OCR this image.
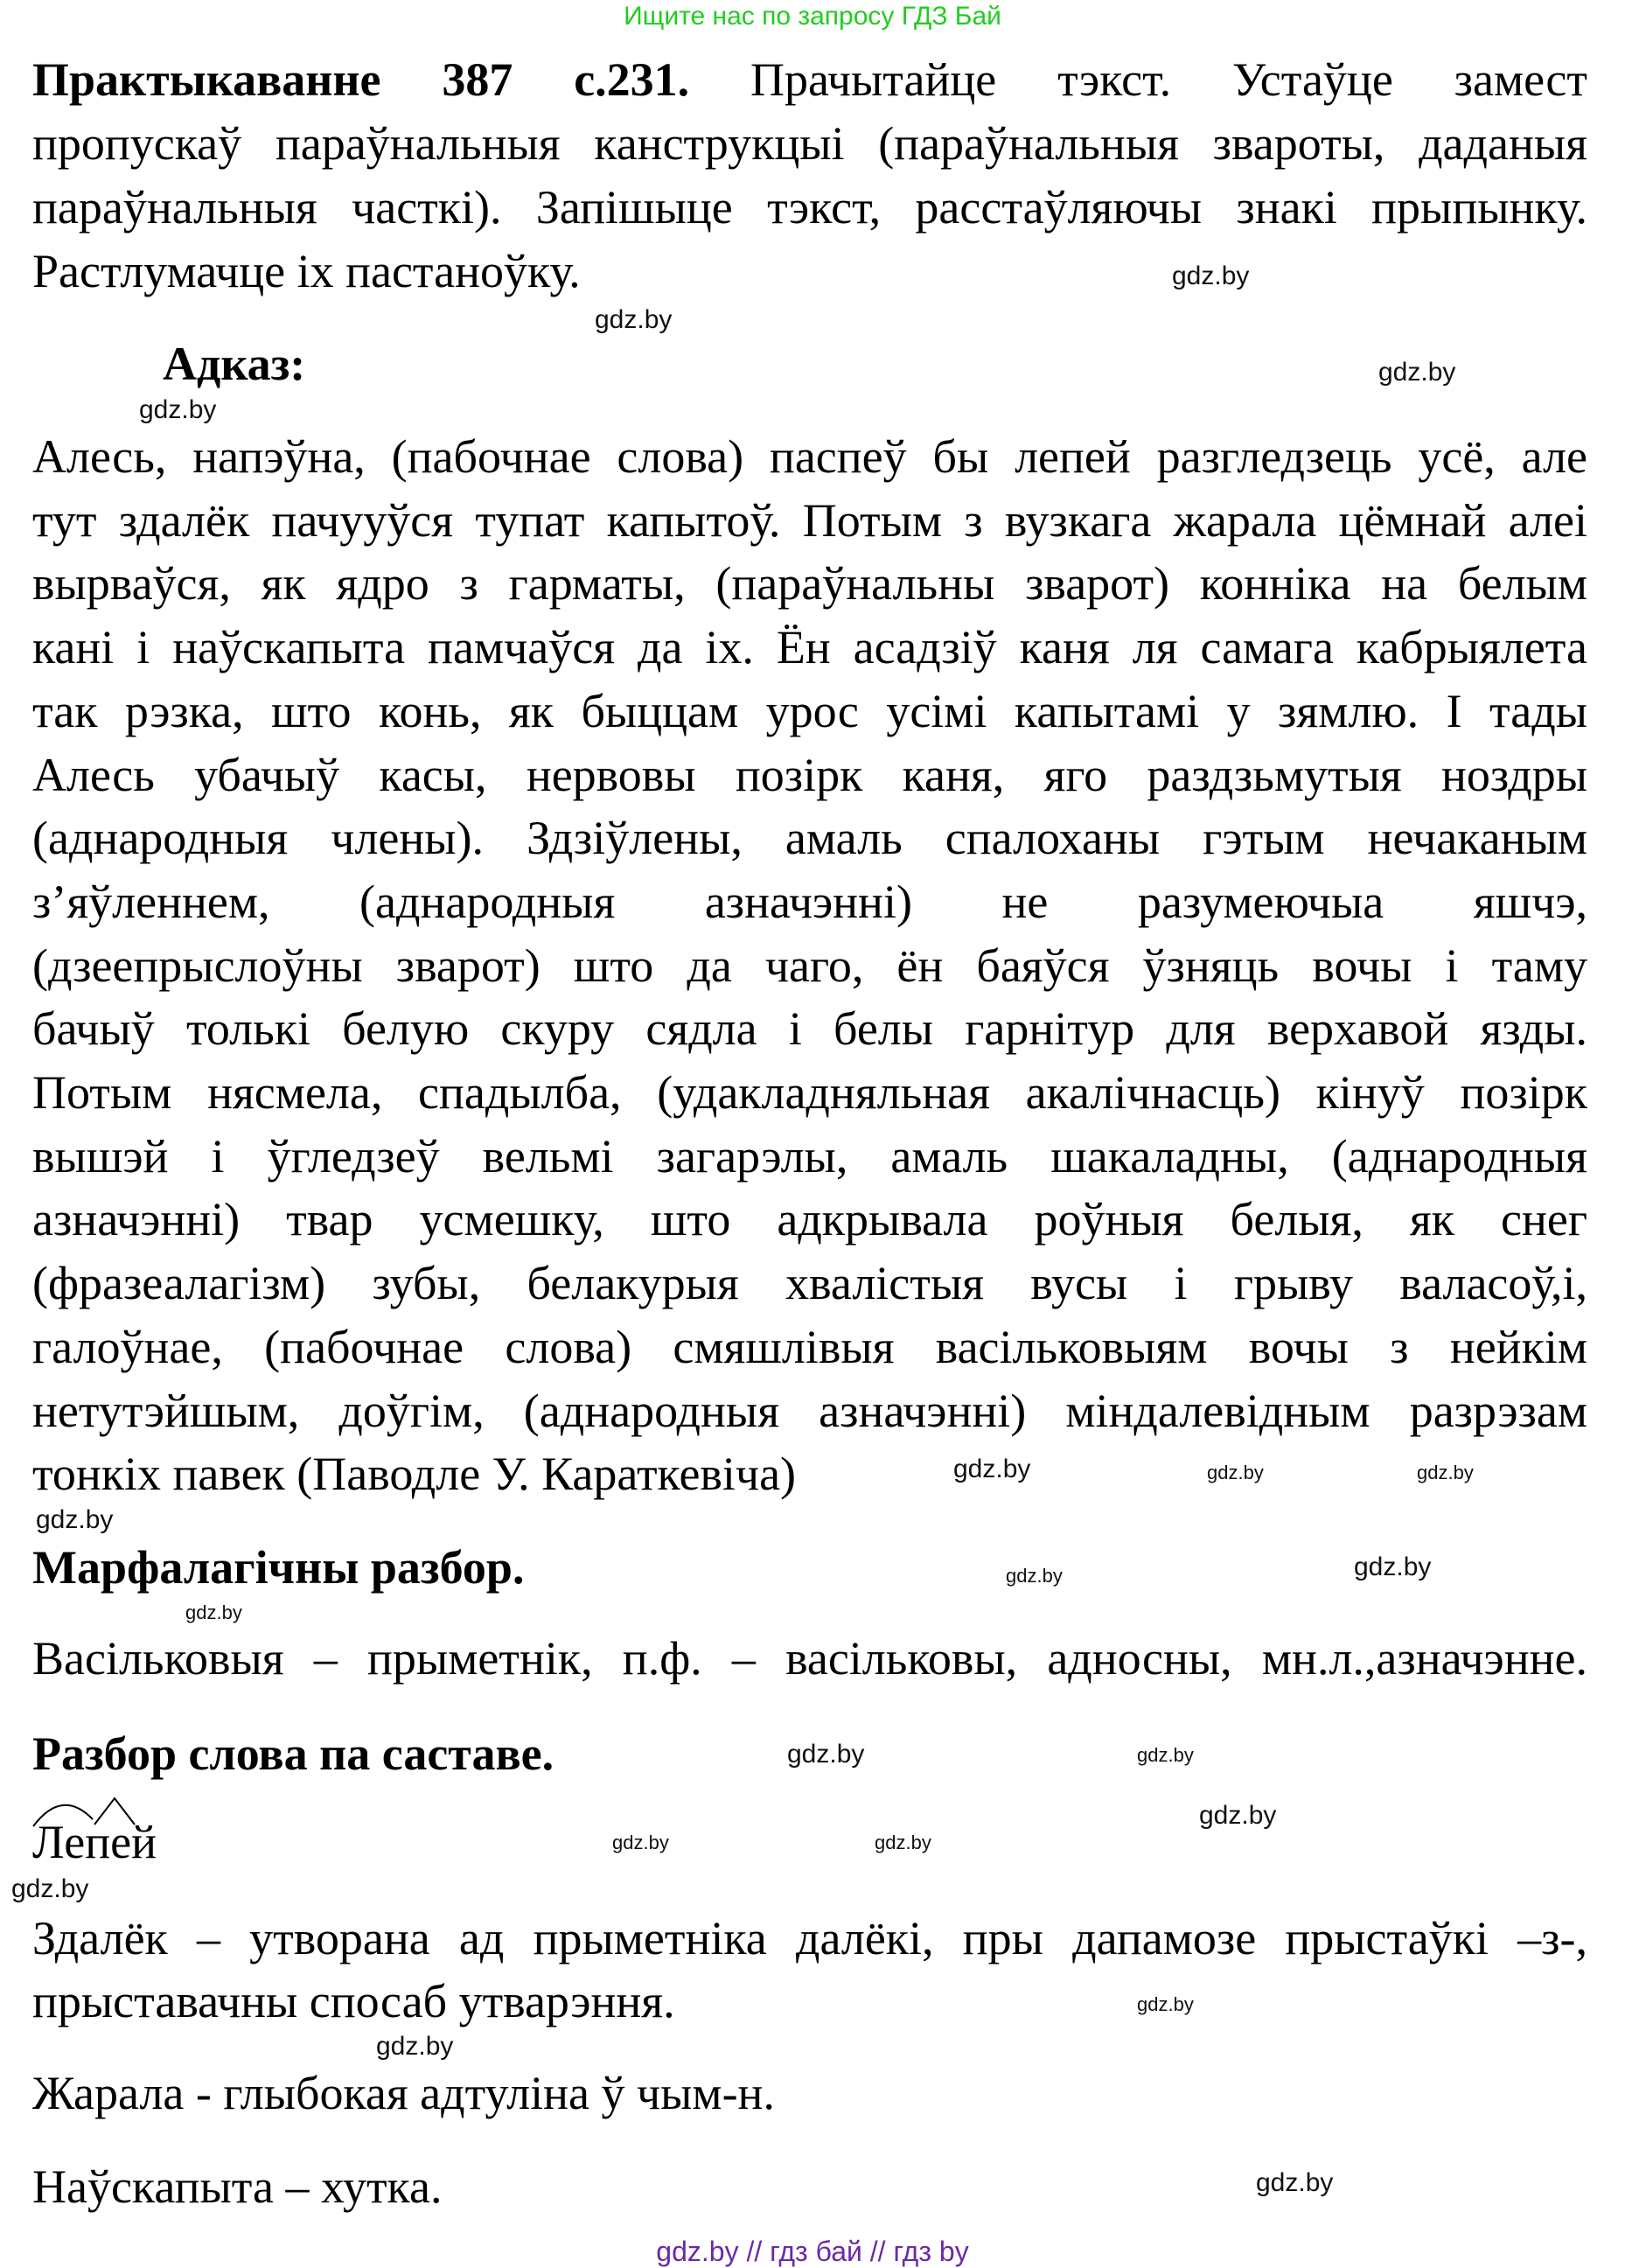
Ищите нас по запросу ГДЗ Бай
Практыкаванне 387 с.231. Прачытайце тэкст. Устаўце замест
пропускаў параўнальныя канструкцыі (параўнальныя звароты, даданыя
параўнальныя часткі). Запішыце тэкст, расстаўляючы знакі прыпынку.
Растлумачце іх пастаноўку.
Адказ:
Алесь, напэўна, (пабочнае слова) паспеў бы лепей разгледзець усё, але
тут здалёк пачууўся тупат капытоў. Потым з вузкага жарала цёмнай алеі
вырваўся, як ядро з гарматы, (параўнальны зварот) конніка на белым
кані і наўскапыта памчаўся да іх. Ён асадзіў каня ля самага кабрыялета
так рэзка, што конь, як быццам урос усімі капытамі у зямлю. І тады
Алесь убачыў касы, нервовы позірк каня, яго раздзьмутыя ноздры
(аднародныя члены). Здзіўлены, амаль спалоханы гэтым нечаканым
з’яўленнем, (аднародныя азначэнні) не разумеючыа яшчэ,
(дзеепрыслоўны зварот) што да чаго, ён баяўся ўзняць вочы і таму
бачыў толькі белую скуру сядла і белы гарнітур для верхавой язды.
Потым нясмела, спадылба, (удакладняльная акалічнасць) кінуў позірк
вышэй і ўгледзеў вельмі загарэлы, амаль шакаладны, (аднародныя
азначэнні) твар усмешку, што адкрывала роўныя белыя, як снег
(фразеалагізм) зубы, белакурыя хвалістыя вусы і грыву валасоў,і,
галоўнае, (пабочнае слова) смяшлівыя васільковыям вочы з нейкім
нетутэйшым, доўгім, (аднародныя азначэнні) міндалевідным разрэзам
тонкіх павек (Паводле У. Караткевіча)
Марфалагічны разбор.
Васільковыя – прыметнік, п.ф. – васільковы, адносны, мн.л.,азначэнне.
Разбор слова па саставе.
Лепей
Здалёк – утворана ад прыметніка далёкі, пры дапамозе прыстаўкі –з-,
прыставачны спосаб утварэння.
Жарала - глыбокая адтуліна ў чым-н.
Наўскапыта – хутка.
gdz.by
gdz.by
gdz.by
gdz.by
gdz.by	gdz.by
gdz.by
gdz.by
gdz.by
gdz.by	gdz.by
gdz.by
gdz.by
gdz.by
gdz.by
gdz.by
gdz.by
gdz.by
gdz.by
gdz.by
gdz.by // гдз бай // гдз by
